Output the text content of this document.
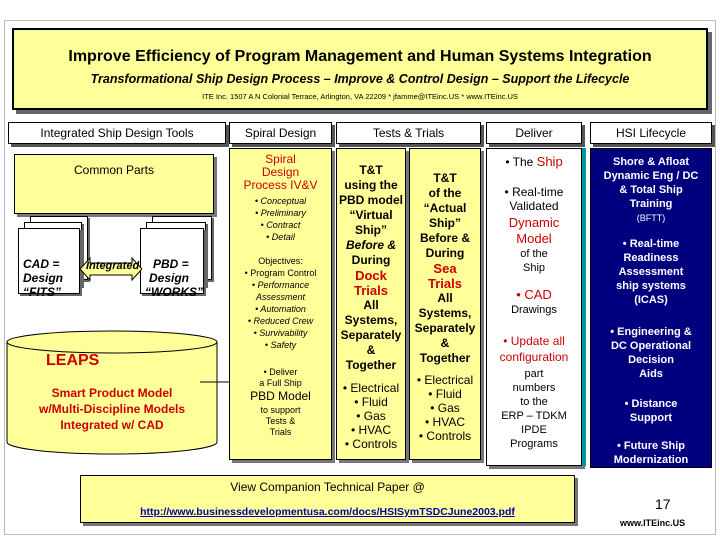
Improve Efficiency of Program Management and Human Systems Integration
Transformational Ship Design Process – Improve & Control Design – Support the Lifecycle
ITE Inc. 1507 A N Colonial Terrace, Arlington, VA 22209 * jfamme@ITEinc.US * www.ITEinc.US
Integrated Ship Design Tools	Spiral Design	Tests & Trials	Deliver	HSI Lifecycle
Common Parts
CAD =
Design
“FITS”
PBD =
Design
“WORKS”
Integrated
LEAPS
Smart Product Model
w/Multi-Discipline Models
Integrated w/ CAD
Spiral
Design
Process IV&V
• Conceptual
• Preliminary
• Contract
• Detail
Objectives:
• Program Control
• Performance
Assessment
• Automation
• Reduced Crew
• Survivability
• Safety
• Deliver
a Full Ship
PBD Model
to support
Tests &
Trials
T&T
using the
PBD model
“Virtual
Ship”
Before &
During
Dock
Trials
All
Systems,
Separately
&
Together
• Electrical
• Fluid
• Gas
• HVAC
• Controls
T&T
of the
“Actual
Ship”
Before &
During
Sea
Trials
All
Systems,
Separately
&
Together
• Electrical
• Fluid
• Gas
• HVAC
• Controls
• The Ship
• Real-time
Validated
Dynamic
Model
of the
Ship
• CAD
Drawings
• Update all
configuration
part
numbers
to the
ERP – TDKM
IPDE
Programs
Shore & Afloat
Dynamic Eng / DC
& Total Ship
Training
(BFTT)
• Real-time
Readiness
Assessment
ship systems
(ICAS)
• Engineering &
DC Operational
Decision
Aids
• Distance
Support
• Future Ship
Modernization
View Companion Technical Paper @
http://www.businessdevelopmentusa.com/docs/HSISymTSDCJune2003.pdf	17
www.ITEinc.US
